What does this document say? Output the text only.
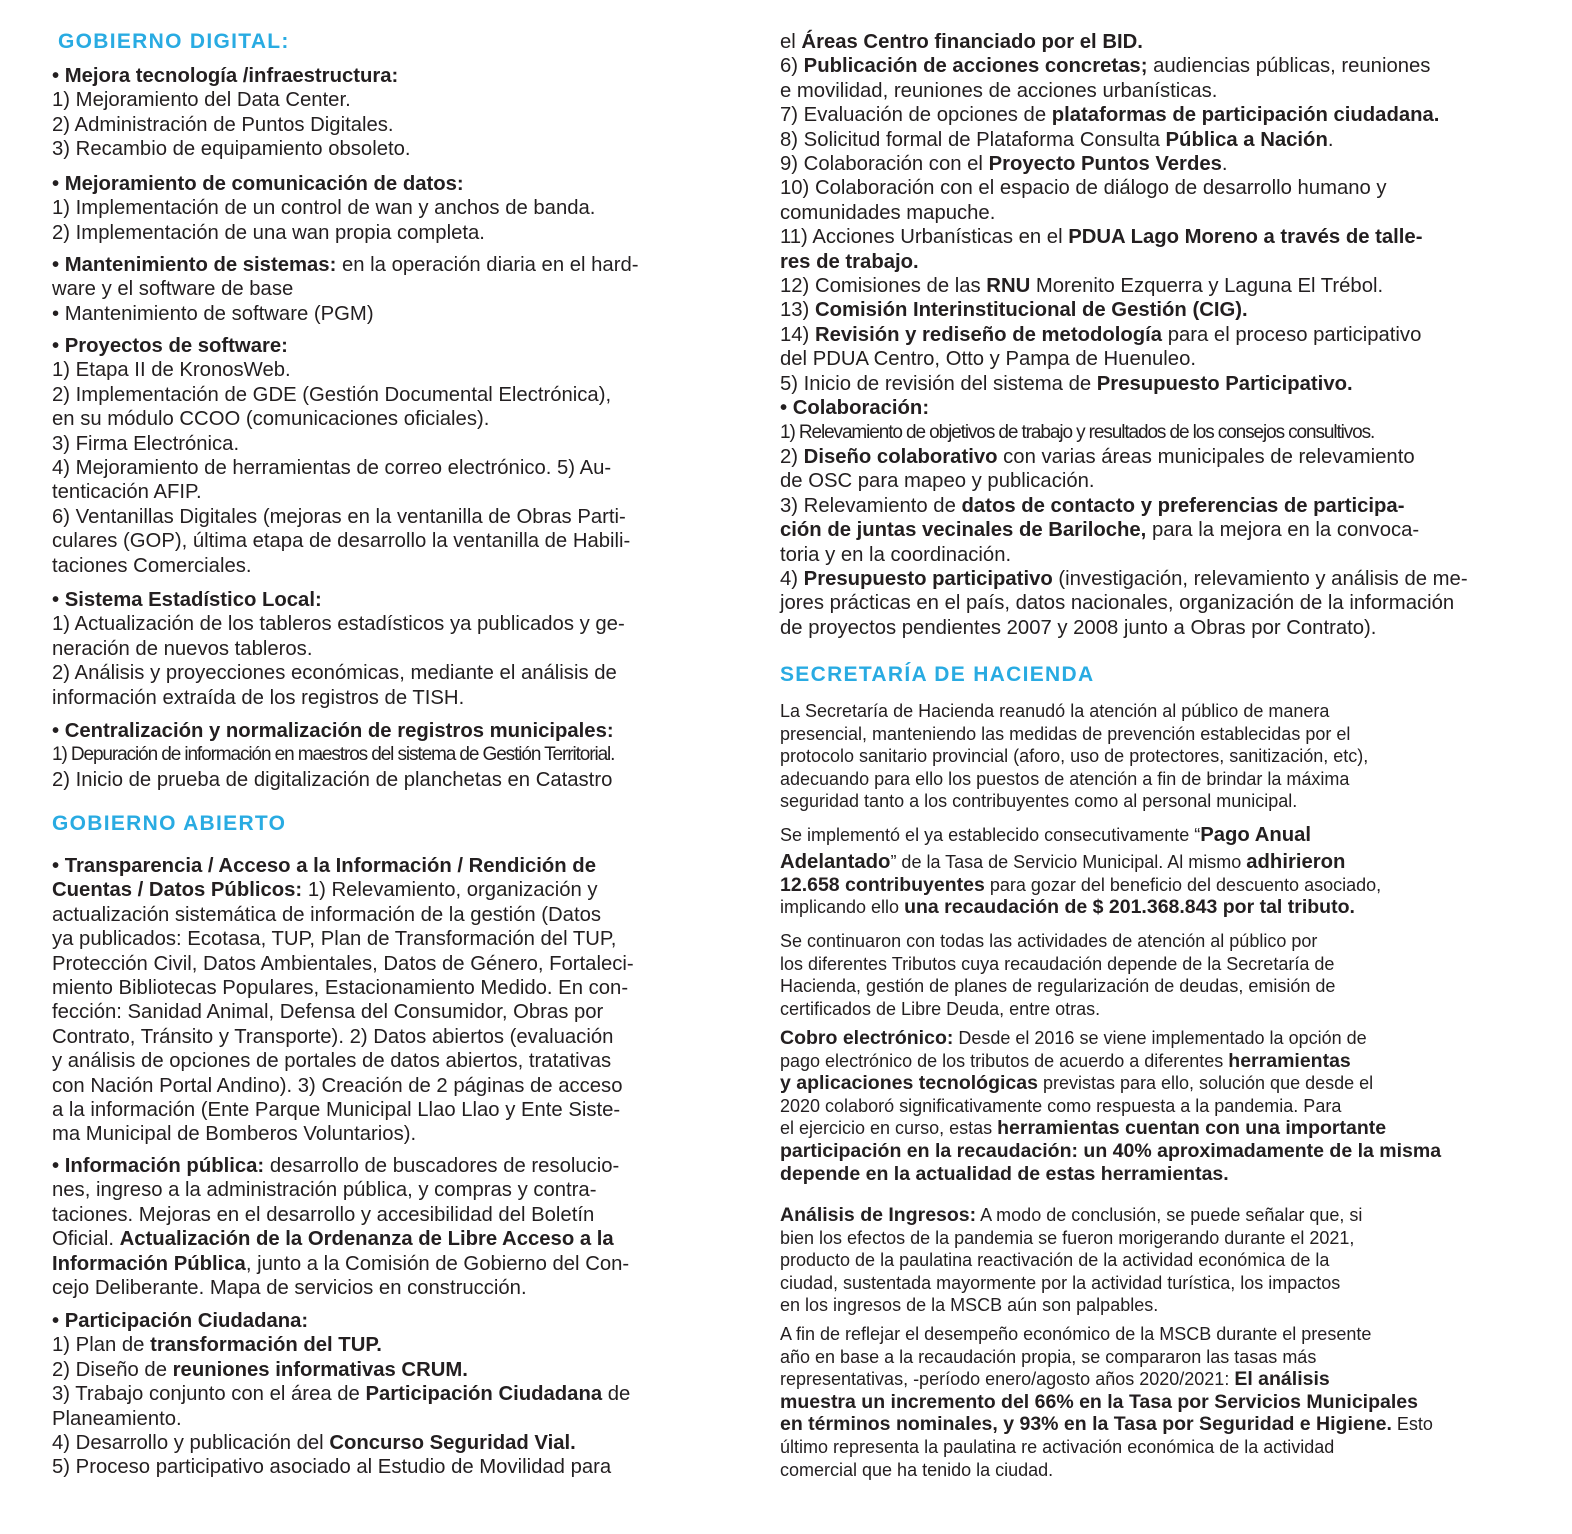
GOBIERNO DIGITAL:
• Mejora tecnología /infraestructura:
1) Mejoramiento del Data Center.
2) Administración de Puntos Digitales.
3) Recambio de equipamiento obsoleto.
• Mejoramiento de comunicación de datos:
1) Implementación de un control de wan y anchos de banda.
2) Implementación de una wan propia completa.
• Mantenimiento de sistemas: en la operación diaria en el hard-
ware y el software de base
• Mantenimiento de software (PGM)
• Proyectos de software:
1) Etapa II de KronosWeb.
2) Implementación de GDE (Gestión Documental Electrónica),
en su módulo CCOO (comunicaciones oficiales).
3) Firma Electrónica.
4) Mejoramiento de herramientas de correo electrónico. 5) Au-
tenticación AFIP.
6) Ventanillas Digitales (mejoras en la ventanilla de Obras Parti-
culares (GOP), última etapa de desarrollo la ventanilla de Habili-
taciones Comerciales.
• Sistema Estadístico Local:
1) Actualización de los tableros estadísticos ya publicados y ge-
neración de nuevos tableros.
2) Análisis y proyecciones económicas, mediante el análisis de
información extraída de los registros de TISH.
• Centralización y normalización de registros municipales:
1) Depuración de información en maestros del sistema de Gestión Territorial.
2) Inicio de prueba de digitalización de planchetas en Catastro
GOBIERNO ABIERTO
• Transparencia / Acceso a la Información / Rendición de
Cuentas / Datos Públicos: 1) Relevamiento, organización y
actualización sistemática de información de la gestión (Datos
ya publicados: Ecotasa, TUP, Plan de Transformación del TUP,
Protección Civil, Datos Ambientales, Datos de Género, Fortaleci-
miento Bibliotecas Populares, Estacionamiento Medido. En con-
fección: Sanidad Animal, Defensa del Consumidor, Obras por
Contrato, Tránsito y Transporte). 2) Datos abiertos (evaluación
y análisis de opciones de portales de datos abiertos, tratativas
con Nación Portal Andino). 3) Creación de 2 páginas de acceso
a la información (Ente Parque Municipal Llao Llao y Ente Siste-
ma Municipal de Bomberos Voluntarios).
• Información pública: desarrollo de buscadores de resolucio-
nes, ingreso a la administración pública, y compras y contra-
taciones. Mejoras en el desarrollo y accesibilidad del Boletín
Oficial. Actualización de la Ordenanza de Libre Acceso a la
Información Pública, junto a la Comisión de Gobierno del Con-
cejo Deliberante. Mapa de servicios en construcción.
• Participación Ciudadana:
1) Plan de transformación del TUP.
2) Diseño de reuniones informativas CRUM.
3) Trabajo conjunto con el área de Participación Ciudadana de
Planeamiento.
4) Desarrollo y publicación del Concurso Seguridad Vial.
5) Proceso participativo asociado al Estudio de Movilidad para
el Áreas Centro financiado por el BID.
6) Publicación de acciones concretas; audiencias públicas, reuniones
e movilidad, reuniones de acciones urbanísticas.
7) Evaluación de opciones de plataformas de participación ciudadana.
8) Solicitud formal de Plataforma Consulta Pública a Nación.
9) Colaboración con el Proyecto Puntos Verdes.
10) Colaboración con el espacio de diálogo de desarrollo humano y
comunidades mapuche.
11) Acciones Urbanísticas en el PDUA Lago Moreno a través de talle-
res de trabajo.
12) Comisiones de las RNU Morenito Ezquerra y Laguna El Trébol.
13) Comisión Interinstitucional de Gestión (CIG).
14) Revisión y rediseño de metodología para el proceso participativo
del PDUA Centro, Otto y Pampa de Huenuleo.
5) Inicio de revisión del sistema de Presupuesto Participativo.
• Colaboración:
1) Relevamiento de objetivos de trabajo y resultados de los consejos consultivos.
2) Diseño colaborativo con varias áreas municipales de relevamiento
de OSC para mapeo y publicación.
3) Relevamiento de datos de contacto y preferencias de participa-
ción de juntas vecinales de Bariloche, para la mejora en la convoca-
toria y en la coordinación.
4) Presupuesto participativo (investigación, relevamiento y análisis de me-
jores prácticas en el país, datos nacionales, organización de la información
de proyectos pendientes 2007 y 2008 junto a Obras por Contrato).
SECRETARÍA DE HACIENDA
La Secretaría de Hacienda reanudó la atención al público de manera
presencial, manteniendo las medidas de prevención establecidas por el
protocolo sanitario provincial (aforo, uso de protectores, sanitización, etc),
adecuando para ello los puestos de atención a fin de brindar la máxima
seguridad tanto a los contribuyentes como al personal municipal.
Se implementó el ya establecido consecutivamente “Pago Anual
Adelantado” de la Tasa de Servicio Municipal. Al mismo adhirieron
12.658 contribuyentes para gozar del beneficio del descuento asociado,
implicando ello una recaudación de $ 201.368.843 por tal tributo.
Se continuaron con todas las actividades de atención al público por
los diferentes Tributos cuya recaudación depende de la Secretaría de
Hacienda, gestión de planes de regularización de deudas, emisión de
certificados de Libre Deuda, entre otras.
Cobro electrónico: Desde el 2016 se viene implementado la opción de
pago electrónico de los tributos de acuerdo a diferentes herramientas
y aplicaciones tecnológicas previstas para ello, solución que desde el
2020 colaboró significativamente como respuesta a la pandemia. Para
el ejercicio en curso, estas herramientas cuentan con una importante
participación en la recaudación: un 40% aproximadamente de la misma
depende en la actualidad de estas herramientas.
Análisis de Ingresos: A modo de conclusión, se puede señalar que, si
bien los efectos de la pandemia se fueron morigerando durante el 2021,
producto de la paulatina reactivación de la actividad económica de la
ciudad, sustentada mayormente por la actividad turística, los impactos
en los ingresos de la MSCB aún son palpables.
A fin de reflejar el desempeño económico de la MSCB durante el presente
año en base a la recaudación propia, se compararon las tasas más
representativas, -período enero/agosto años 2020/2021: El análisis
muestra un incremento del 66% en la Tasa por Servicios Municipales
en términos nominales, y 93% en la Tasa por Seguridad e Higiene. Esto
último representa la paulatina re activación económica de la actividad
comercial que ha tenido la ciudad.
